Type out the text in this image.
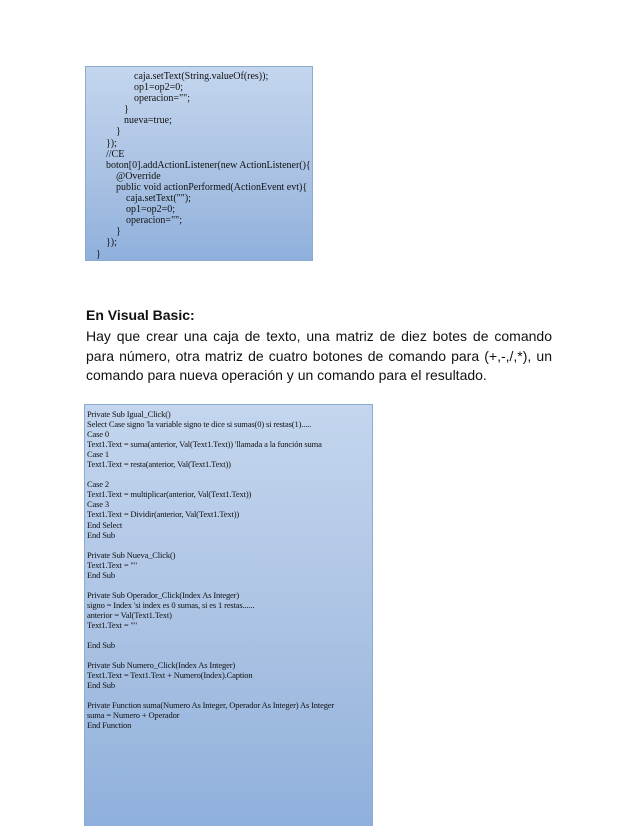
caja.setText(String.valueOf(res));
op1=op2=0;
operacion="";
}
nueva=true;
}
});
//CE
boton[0].addActionListener(new ActionListener(){
@Override
public void actionPerformed(ActionEvent evt){
caja.setText("");
op1=op2=0;
operacion="";
}
});
}
En Visual Basic:
Hay que crear una caja de texto, una matriz de diez botes de comando para número, otra matriz de cuatro botones de comando para (+,-,/,*), un comando para nueva operación y un comando para el resultado.
Private Sub Igual_Click()
Select Case signo 'la variable signo te dice si sumas(0) si restas(1).....
Case 0
Text1.Text = suma(anterior, Val(Text1.Text)) 'llamada a la función suma
Case 1
Text1.Text = resta(anterior, Val(Text1.Text))
Case 2
Text1.Text = multiplicar(anterior, Val(Text1.Text))
Case 3
Text1.Text = Dividir(anterior, Val(Text1.Text))
End Select
End Sub
Private Sub Nueva_Click()
Text1.Text = ""
End Sub
Private Sub Operador_Click(Index As Integer)
signo = Index 'si index es 0 sumas, si es 1 restas......
anterior = Val(Text1.Text)
Text1.Text = ""
End Sub
Private Sub Numero_Click(Index As Integer)
Text1.Text = Text1.Text + Numero(Index).Caption
End Sub
Private Function suma(Numero As Integer, Operador As Integer) As Integer
suma = Numero + Operador
End Function
